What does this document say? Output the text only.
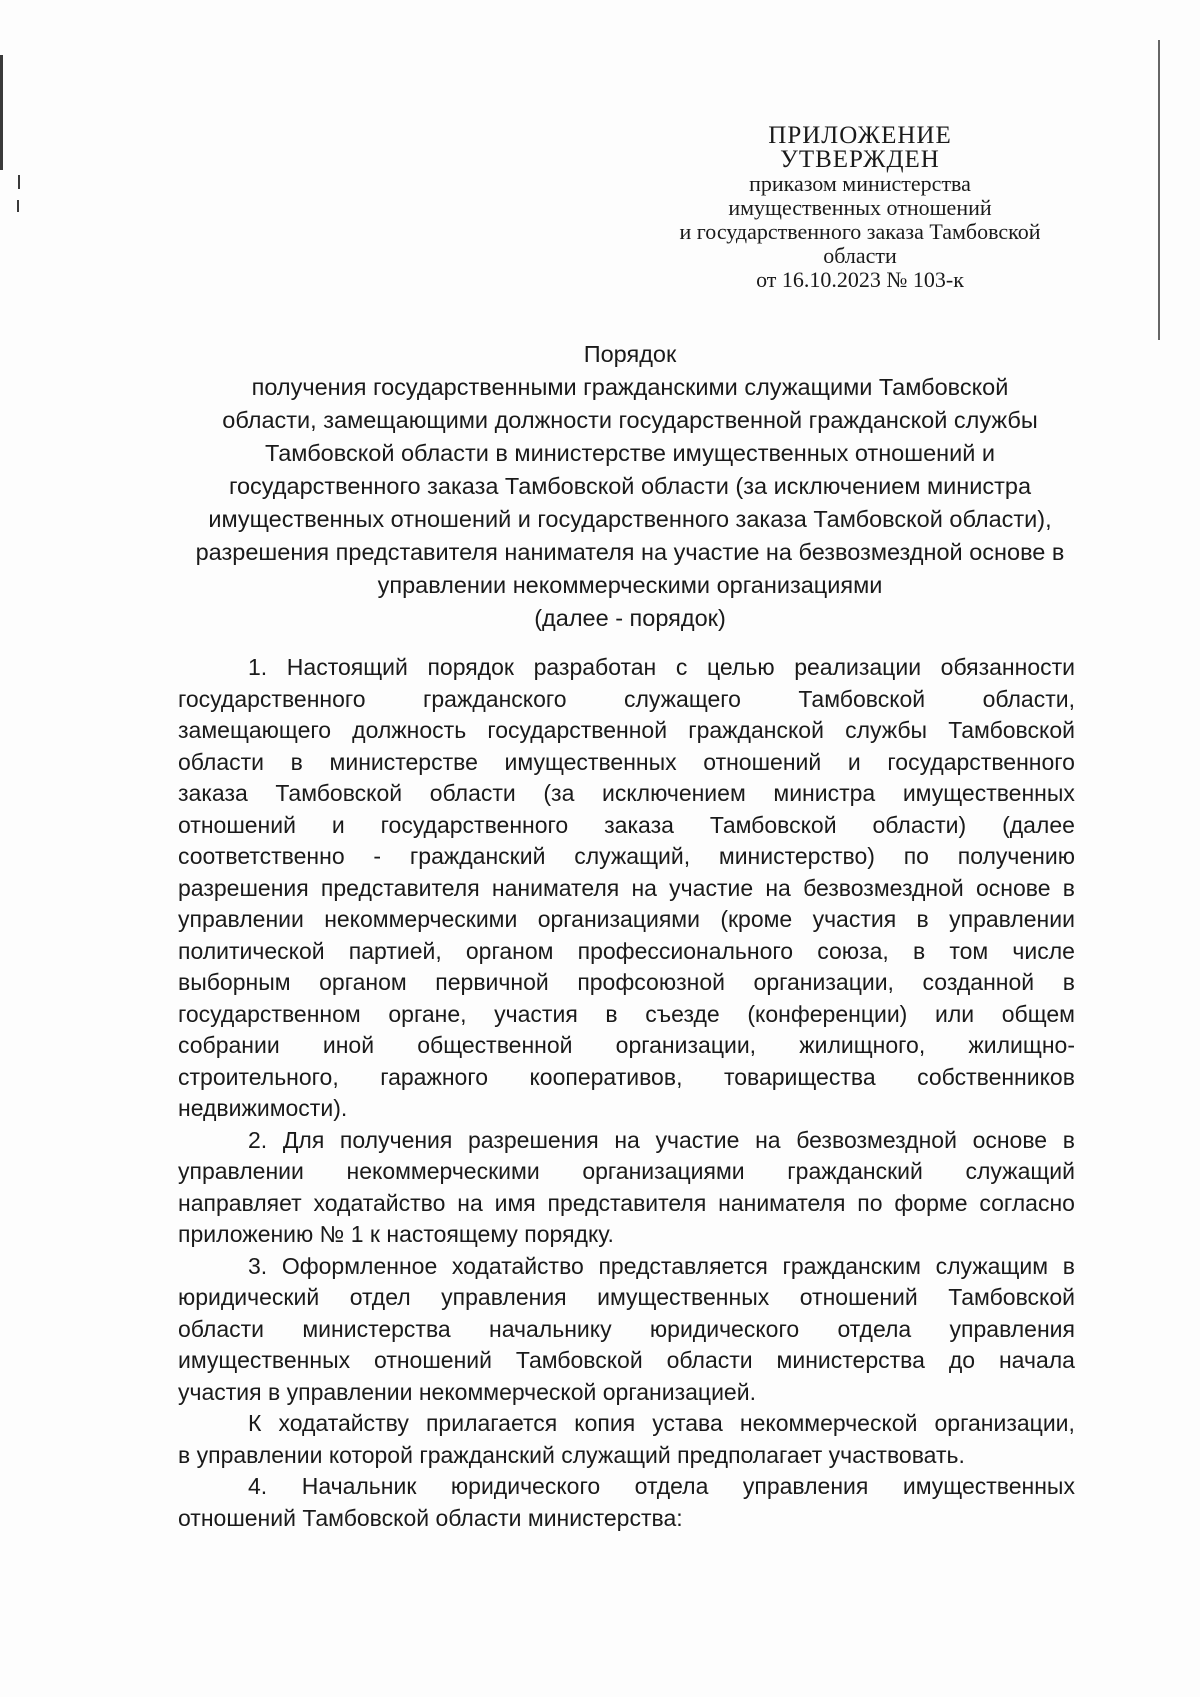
ПРИЛОЖЕНИЕ
УТВЕРЖДЕН
приказом министерства
имущественных отношений
и государственного заказа Тамбовской
области
от 16.10.2023 № 103-к
Порядок
получения государственными гражданскими служащими Тамбовской
области, замещающими должности государственной гражданской службы
Тамбовской области в министерстве имущественных отношений и
государственного заказа Тамбовской области (за исключением министра
имущественных отношений и государственного заказа Тамбовской области),
разрешения представителя нанимателя на участие на безвозмездной основе в
управлении некоммерческими организациями
(далее - порядок)
1. Настоящий порядок разработан с целью реализации обязанности
государственного гражданского служащего Тамбовской области,
замещающего должность государственной гражданской службы Тамбовской
области в министерстве имущественных отношений и государственного
заказа Тамбовской области (за исключением министра имущественных
отношений и государственного заказа Тамбовской области) (далее
соответственно - гражданский служащий, министерство) по получению
разрешения представителя нанимателя на участие на безвозмездной основе в
управлении некоммерческими организациями (кроме участия в управлении
политической партией, органом профессионального союза, в том числе
выборным органом первичной профсоюзной организации, созданной в
государственном органе, участия в съезде (конференции) или общем
собрании иной общественной организации, жилищного, жилищно-
строительного, гаражного кооперативов, товарищества собственников
недвижимости).
2. Для получения разрешения на участие на безвозмездной основе в
управлении некоммерческими организациями гражданский служащий
направляет ходатайство на имя представителя нанимателя по форме согласно
приложению № 1 к настоящему порядку.
3. Оформленное ходатайство представляется гражданским служащим в
юридический отдел управления имущественных отношений Тамбовской
области министерства начальнику юридического отдела управления
имущественных отношений Тамбовской области министерства до начала
участия в управлении некоммерческой организацией.
К ходатайству прилагается копия устава некоммерческой организации,
в управлении которой гражданский служащий предполагает участвовать.
4. Начальник юридического отдела управления имущественных
отношений Тамбовской области министерства:
